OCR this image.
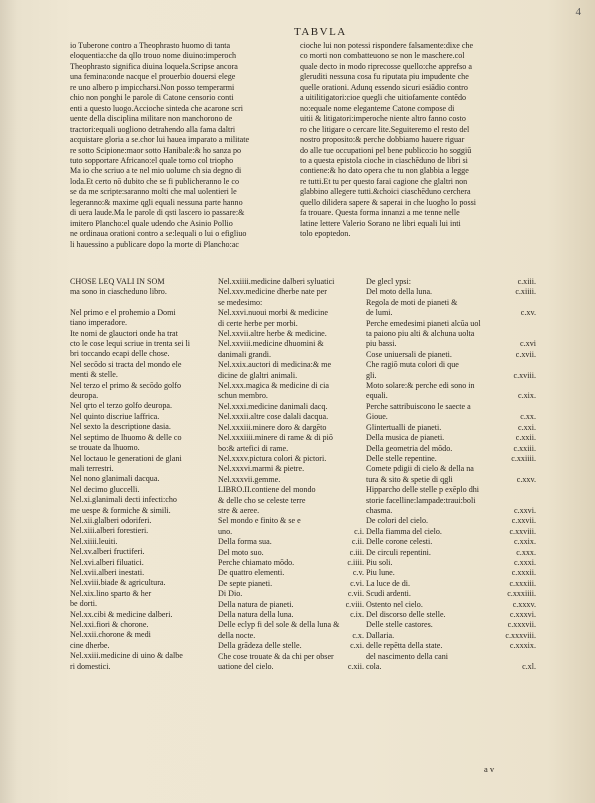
4
TABVLA
io Tuberone contro a Theophrasto huomo di tanta
eloquentia:che da qllo trouo nome diuino:imperoch
Theophrasto significa diuina loquela.Scripse ancora
una femina:onde nacque el prouerbio douersi elege
re uno albero p impiccharsi.Non posso temperarmi
chio non ponghi le parole di Catone censorio conti
enti a questo luogo.Accioche sinteda che acarone scri
uente della disciplina militare non manchorono de
tractori:equali uogliono detrahendo alla fama daltri
acquistare gloria a se.chor lui hauea imparato a militate
re sotto Scipione:maor sotto Hanibale:& ho sanza po
tuto sopportare Africano:el quale torno col triopho
Ma io che scriuo a te nel mio uolume ch sia degno di
loda.Et certo nō dubito che se fi publicheranno le co
se da me scripte:saranno molti che mal uolentieri le
legeranno:& maxime qgli equali nessuna parte hanno
di uera laude.Ma le parole di qsti lascero io passare:&
imitero Plancho:el quale udendo che Asinio Pollio
ne ordinaua orationi contro a se:lequali o lui o efigliuo
li hauessino a publicare dopo la morte di Plancho:ac
cioche lui non potessi rispondere falsamente:dixe che
co morti non combatteuono se non le maschere.col
quale decto in modo riprecosse quello:che apprefso a
gleruditi nessuna cosa fu riputata piu impudente che
quelle orationi. Adunq essendo sicuri esiādio contro
a uitilitigatori:cioe quegli che uitiofamente contēdo
no:equale nome eleganteme Catone compose di
uitii & litigatori:imperoche niente altro fanno costo
ro che litigare o cercare lite.Seguiteremo el resto del
nostro proposito:& perche dobbiamo hauere riguar
do alle tue occupationi pel bene publico:io ho soggiū
to a questa epistola cioche in ciaschēduno de libri si
contiene:& ho dato opera che tu non glabbia a legge
re tutti.Et tu per questo farai cagione che glaltri non
glabbino allegere tutti.&choici ciaschēduno cerchera
quello dilidera sapere & saperai in che luogho lo possi
fa trouare. Questa forma innanzi a me tenne nelle
latine lettere Valerio Sorano ne libri equali lui inti
tolo epoptedon.
CHOSE LEQ VALI IN SOM
ma sono in ciascheduno libro.
Nel primo e el prohemio a Domi
tiano imperadore.
Ite nomi de glauctori onde ha trat
cto le cose lequi scriue in trenta sei li
bri toccando ecapi delle chose.
Nel secōdo si tracta del mondo ele
menti & stelle.
Nel terzo el primo & secōdo golfo
deuropa.
Nel qrto el terzo golfo deuropa.
Nel quinto discriue laffrica.
Nel sexto la descriptione dasia.
Nel septimo de lhuomo & delle co
se trouate da lhuomo.
Nel loctauo le generationi de glani
mali terrestri.
Nel nono glanimali dacqua.
Nel decimo gluccelli.
Nel.xi.glanimali decti infecti:cho
me uespe & formiche & simili.
Nel.xii.glalberi odoriferi.
Nel.xiii.alberi forestieri.
Nel.xiiii.leuiti.
Nel.xv.alberi fructiferi.
Nel.xvi.alberi filuatici.
Nel.xvii.alberi inestati.
Nel.xviii.biade & agricultura.
Nel.xix.lino sparto & her
be dorti.
Nel.xx.cibi & medicine dalberi.
Nel.xxi.fiori & chorone.
Nel.xxii.chorone & medi
cine dherbe.
Nel.xxiii.medicine di uino & dalbe
ri domestici.
Nel.xxiiii.medicine dalberi syluatici
Nel.xxv.medicine dherbe nate per
se medesimo:
Nel.xxvi.nuoui morbi & medicine
di certe herbe per morbi.
Nel.xxvii.altre herbe & medicine.
Nel.xxviii.medicine dhuomini &
danimali grandi.
Nel.xxix.auctori di medicina:& me
dicine de glaltri animali.
Nel.xxx.magica & medicine di cia
schun membro.
Nel.xxxi.medicine danimali dacq.
Nel.xxxii.altre cose dalali dacqua.
Nel.xxxiii.minere doro & dargēto
Nel.xxxiiii.minere di rame & di piō
bo:& artefici di rame.
Nel.xxxv.pictura colori & pictori.
Nel.xxxvi.marmi & pietre.
Nel.xxxvii.gemme.
LIBRO.II.contiene del mondo
& delle cho se celeste terre
stre & aeree.
Sel mondo e finito & se e
uno.	c.i.
Della forma sua.	c.ii.
Del moto suo.	c.iii.
Perche chiamato mōdo.	c.iiii.
De quattro elementi.	c.v.
De septe pianeti.	c.vi.
Di Dio.	c.vii.
Della natura de pianeti.	c.viii.
Della natura della luna.	c.ix.
Delle eclyp fi del sole & della luna &
della nocte.	c.x.
Della grādeza delle stelle.	c.xi.
Che cose trouate & da chi per obser
uatione del cielo.	c.xii.
De glecl ypsi:	c.xiii.
Del moto della luna.	c.xiiii.
Regola de moti de pianeti &
de lumi.	c.xv.
Perche emedesimi pianeti alcūa uol
ta paiono piu alti & alchuna uolta
piu bassi.	c.xvi
Cose uniuersali de pianeti.	c.xvii.
Che ragiō muta colori di que
gli.	c.xviii.
Moto solare:& perche edi sono in
equali.	c.xix.
Perche sattribuiscono le saecte a
Gioue.	c.xx.
Glintertualli de pianeti.	c.xxi.
Della musica de pianeti.	c.xxii.
Della geometria del mōdo.	c.xxiii.
Delle stelle repentine.	c.xxiiii.
Comete pdigii di cielo & della na
tura & sito & spetie di qgli	c.xxv.
Hipparcho delle stelle p exēplo dhi
storie facelline:lampade:traui:boli
chasma.	c.xxvi.
De colori del cielo.	c.xxvii.
Della fiamma del cielo.	c.xxviii.
Delle corone celesti.	c.xxix.
De circuli repentini.	c.xxx.
Piu soli.	c.xxxi.
Piu lune.	c.xxxii.
La luce de di.	c.xxxiii.
Scudi ardenti.	c.xxxiiii.
Ostento nel cielo.	c.xxxv.
Del discorso delle stelle.	c.xxxvi.
Delle stelle castores.	c.xxxvii.
Dallaria.	c.xxxviii.
delle repētta della state.	c.xxxix.
del nascimento della cani
cola.	c.xl.
a v
